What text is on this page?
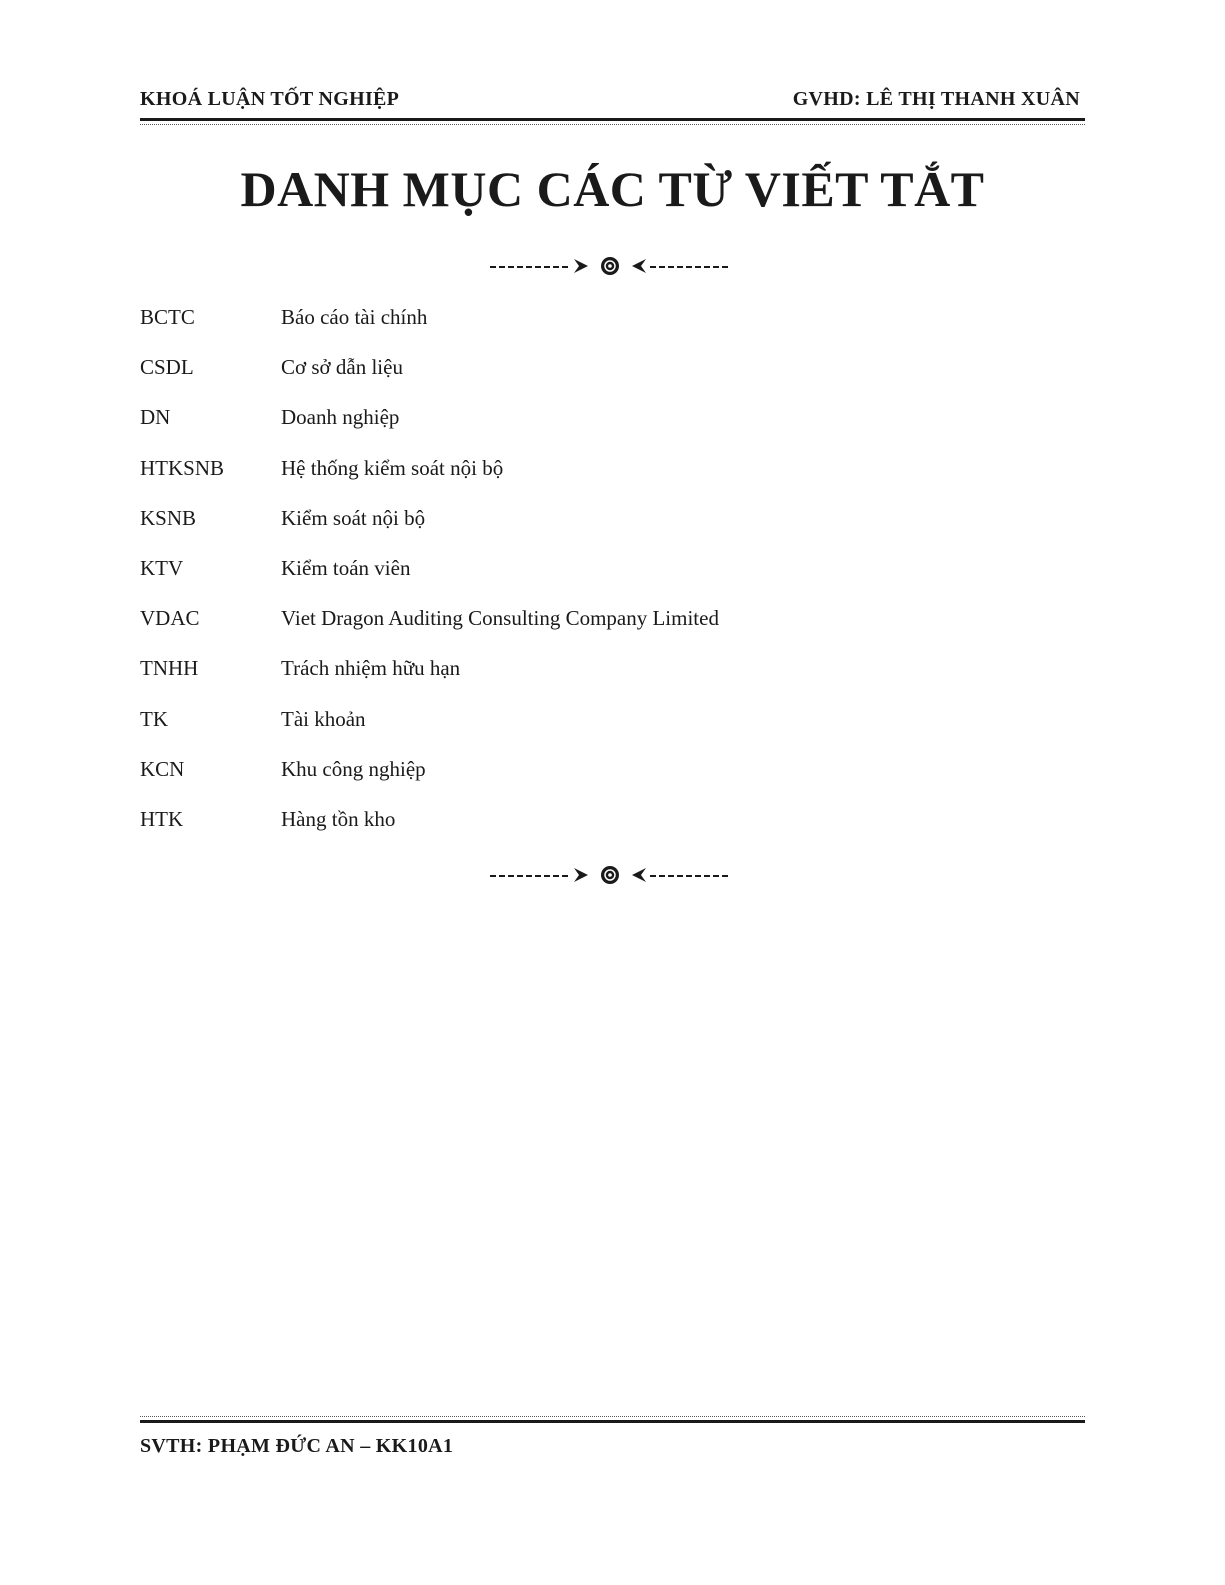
KHOÁ LUẬN TỐT NGHIỆP	GVHD: LÊ THỊ THANH XUÂN
DANH MỤC CÁC TỪ VIẾT TẮT
BCTC	Báo cáo tài chính
CSDL	Cơ sở dẫn liệu
DN	Doanh nghiệp
HTKSNB	Hệ thống kiểm soát nội bộ
KSNB	Kiểm soát nội bộ
KTV	Kiểm toán viên
VDAC	Viet Dragon Auditing Consulting Company Limited
TNHH	Trách nhiệm hữu hạn
TK	Tài khoản
KCN	Khu công nghiệp
HTK	Hàng tồn kho
SVTH: PHẠM ĐỨC AN – KK10A1
